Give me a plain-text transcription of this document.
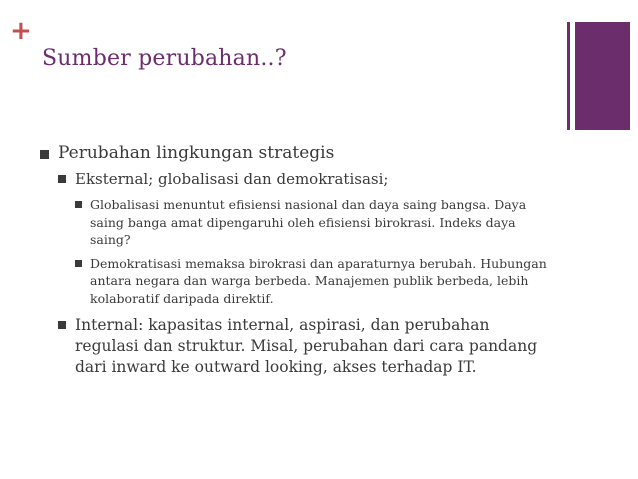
+
Sumber perubahan..?
Perubahan lingkungan strategis
Eksternal; globalisasi dan demokratisasi;
Globalisasi menuntut efisiensi nasional dan daya saing bangsa. Daya saing banga amat dipengaruhi oleh efisiensi birokrasi. Indeks daya saing?
Demokratisasi memaksa birokrasi dan aparaturnya berubah. Hubungan antara negara dan warga berbeda. Manajemen publik berbeda, lebih kolaboratif daripada direktif.
Internal: kapasitas internal, aspirasi, dan perubahan regulasi dan struktur. Misal, perubahan dari cara pandang dari inward ke outward looking, akses terhadap IT.
